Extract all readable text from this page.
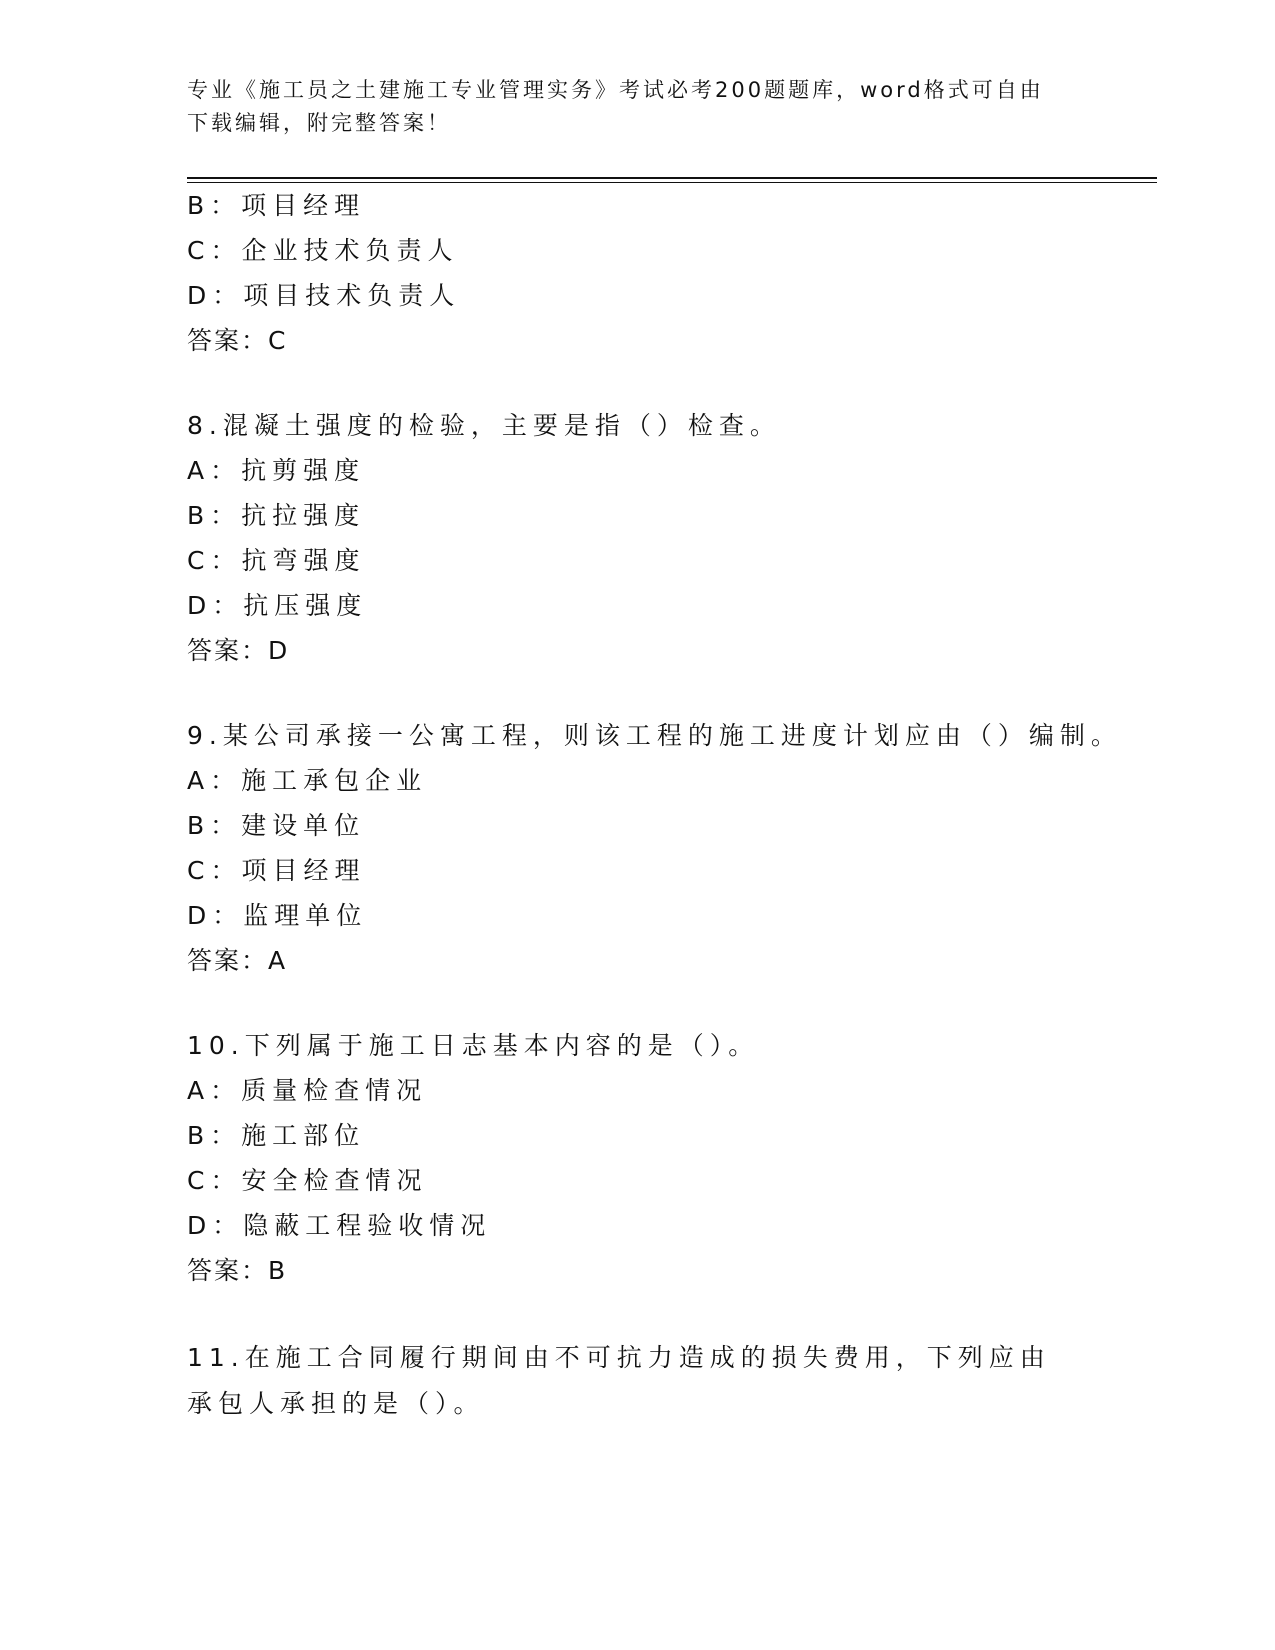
专业《施工员之土建施工专业管理实务》考试必考200题题库，word格式可自由下载编辑，附完整答案！
B：项目经理
C：企业技术负责人
D：项目技术负责人
答案：C
8.混凝土强度的检验，主要是指（）检查。
A：抗剪强度
B：抗拉强度
C：抗弯强度
D：抗压强度
答案：D
9.某公司承接一公寓工程，则该工程的施工进度计划应由（）编制。
A：施工承包企业
B：建设单位
C：项目经理
D：监理单位
答案：A
10.下列属于施工日志基本内容的是（）。
A：质量检查情况
B：施工部位
C：安全检查情况
D：隐蔽工程验收情况
答案：B
11.在施工合同履行期间由不可抗力造成的损失费用，下列应由承包人承担的是（）。
